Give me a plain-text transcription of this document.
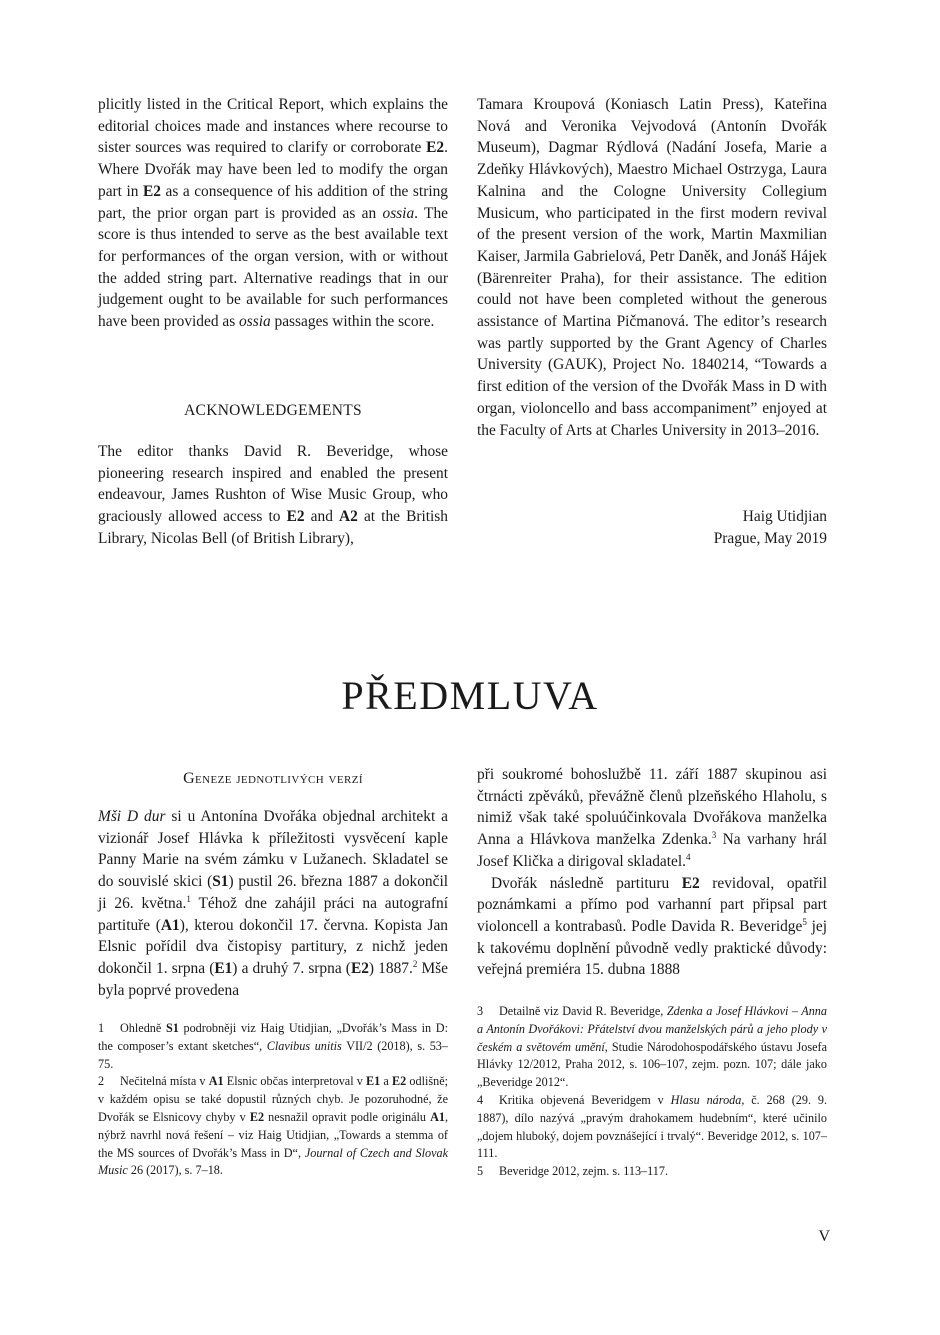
plicitly listed in the Critical Report, which explains the editorial choices made and instances where recourse to sister sources was required to clarify or corroborate E2. Where Dvořák may have been led to modify the organ part in E2 as a consequence of his addition of the string part, the prior organ part is provided as an ossia. The score is thus intended to serve as the best available text for performances of the organ version, with or without the added string part. Alternative readings that in our judgement ought to be available for such performances have been provided as ossia passages within the score.

ACKNOWLEDGEMENTS
The editor thanks David R. Beveridge, whose pioneering research inspired and enabled the present endeavour, James Rushton of Wise Music Group, who graciously allowed access to E2 and A2 at the British Library, Nicolas Bell (of British Library),

Tamara Kroupová (Koniasch Latin Press), Kateřina Nová and Veronika Vejvodová (Antonín Dvořák Museum), Dagmar Rýdlová (Nadání Josefa, Marie a Zdeňky Hlávkových), Maestro Michael Ostrzyga, Laura Kalnina and the Cologne University Collegium Musicum, who participated in the first modern revival of the present version of the work, Martin Maxmilian Kaiser, Jarmila Gabrielová, Petr Daněk, and Jonáš Hájek (Bärenreiter Praha), for their assistance. The edition could not have been completed without the generous assistance of Martina Pičmanová. The editor’s research was partly supported by the Grant Agency of Charles University (GAUK), Project No. 1840214, “Towards a first edition of the version of the Dvořák Mass in D with organ, violoncello and bass accompaniment” enjoyed at the Faculty of Arts at Charles University in 2013–2016.

Haig Utidjian
Prague, May 2019
PŘEDMLUVA
Geneze jednotlivých verzí

Mši D dur si u Antonína Dvořáka objednal architekt a vizionář Josef Hlávka k příležitosti vysvěcení kaple Panny Marie na svém zámku v Lužanech. Skladatel se do souvislé skici (S1) pustil 26. března 1887 a dokončil ji 26. května.$^1$ Téhož dne zahájil práci na autografní partituře (A1), kterou dokončil 17. června. Kopista Jan Elsnic pořídil dva čistopisy partitury, z nichž jeden dokončil 1. srpna (E1) a druhý 7. srpna (E2) 1887.$^2$ Mše byla poprvé provedena

při soukromé bohoslužbě 11. září 1887 skupinou asi čtrnácti zpěváků, převážně členů plzeňského Hlaholu, s nimiž však také spoluúčinkovala Dvořákova manželka Anna a Hlávkova manželka Zdenka.$^3$ Na varhany hrál Josef Klička a dirigoval skladatel.$^4$

Dvořák následně partituru E2 revidoval, opatřil poznámkami a přímo pod varhanní part připsal part violoncell a kontrabasů. Podle Davida R. Beveridge$^5$ jej k takovému doplnění původně vedly praktické důvody: veřejná premiéra 15. dubna 1888

1 Ohledně S1 podrobněji viz Haig Utidjian, „Dvořák’s Mass in D: the composer’s extant sketches“, Clavibus unitis VII/2 (2018), s. 53–75.

2 Nečitelná místa v A1 Elsnic občas interpretoval v E1 a E2 odlišně; v každém opisu se také dopustil různých chyb. Je pozoruhodné, že Dvořák se Elsnicovy chyby v E2 nesnažil opravit podle originálu A1, nýbrž navrhl nová řešení – viz Haig Utidjian, „Towards a stemma of the MS sources of Dvořák’s Mass in D“, Journal of Czech and Slovak Music 26 (2017), s. 7–18.

3 Detailně viz David R. Beveridge, Zdenka a Josef Hlávkovi – Anna a Antonín Dvořákovi: Přátelství dvou manželských párů a jeho plody v českém a světovém umění, Studie Národohospodářského ústavu Josefa Hlávky 12/2012, Praha 2012, s. 106–107, zejm. pozn. 107; dále jako „Beveridge 2012“.

4 Kritika objevená Beveridgem v Hlasu národa, č. 268 (29. 9. 1887), dílo nazývá „pravým drahokamem hudebním“, které učinilo „dojem hluboký, dojem povznášející i trvalý“. Beveridge 2012, s. 107–111.

5 Beveridge 2012, zejm. s. 113–117.

V
